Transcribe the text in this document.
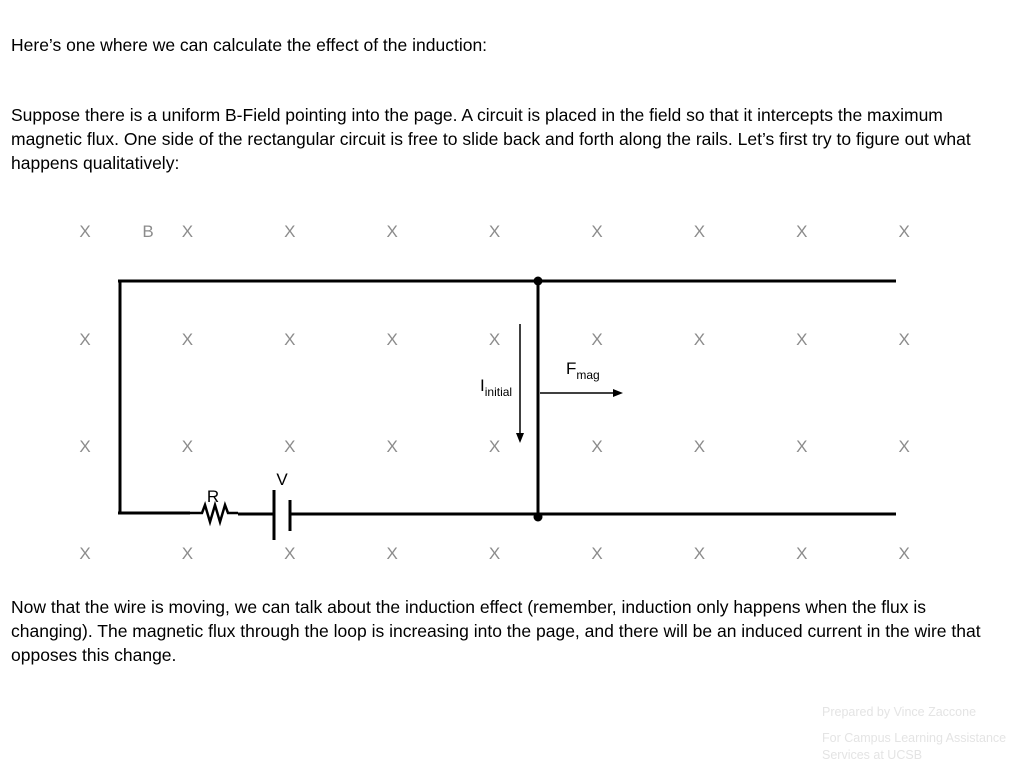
Here’s one where we can calculate the effect of the induction:

Suppose there is a uniform B-Field pointing into the page. A circuit is placed in the field so that it intercepts the maximum magnetic flux. One side of the rectangular circuit is free to slide back and forth along the rails. Let’s first try to figure out what happens qualitatively:

X	X	X	X	X	X	X	X	X
X	X	X	X	X	X	X	X	X
X	X	X	X	X	X	X	X	X
X	X	X	X	X	X	X	X	X
B
R
V
$I_{initial}$
$F_{mag}$

Now that the wire is moving, we can talk about the induction effect (remember, induction only happens when the flux is changing). The magnetic flux through the loop is increasing into the page, and there will be an induced current in the wire that opposes this change.

Prepared by Vince Zaccone

For Campus Learning Assistance Services at UCSB
